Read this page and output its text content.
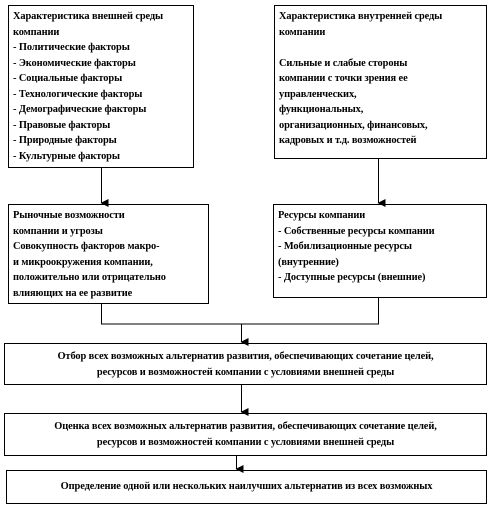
Характеристика внешней среды
компании
- Политические факторы
- Экономические факторы
- Социальные факторы
- Технологические факторы
- Демографические факторы
- Правовые факторы
- Природные факторы
- Культурные факторы
Характеристика внутренней среды
компании
Сильные и слабые стороны
компании с точки зрения ее
управленческих,
функциональных,
организационных, финансовых,
кадровых и т.д. возможностей
Рыночные возможности
компании и угрозы
Совокупность факторов макро-
и микроокружения компании,
положительно или отрицательно
влияющих на ее развитие
Ресурсы компании
- Собственные ресурсы компании
- Мобилизационные ресурсы
(внутренние)
- Доступные ресурсы (внешние)
Отбор всех возможных альтернатив развития, обеспечивающих сочетание целей,
ресурсов и возможностей компании с условиями внешней среды
Оценка всех возможных альтернатив развития, обеспечивающих сочетание целей,
ресурсов и возможностей компании с условиями внешней среды
Определение одной или нескольких наилучших альтернатив из всех возможных
